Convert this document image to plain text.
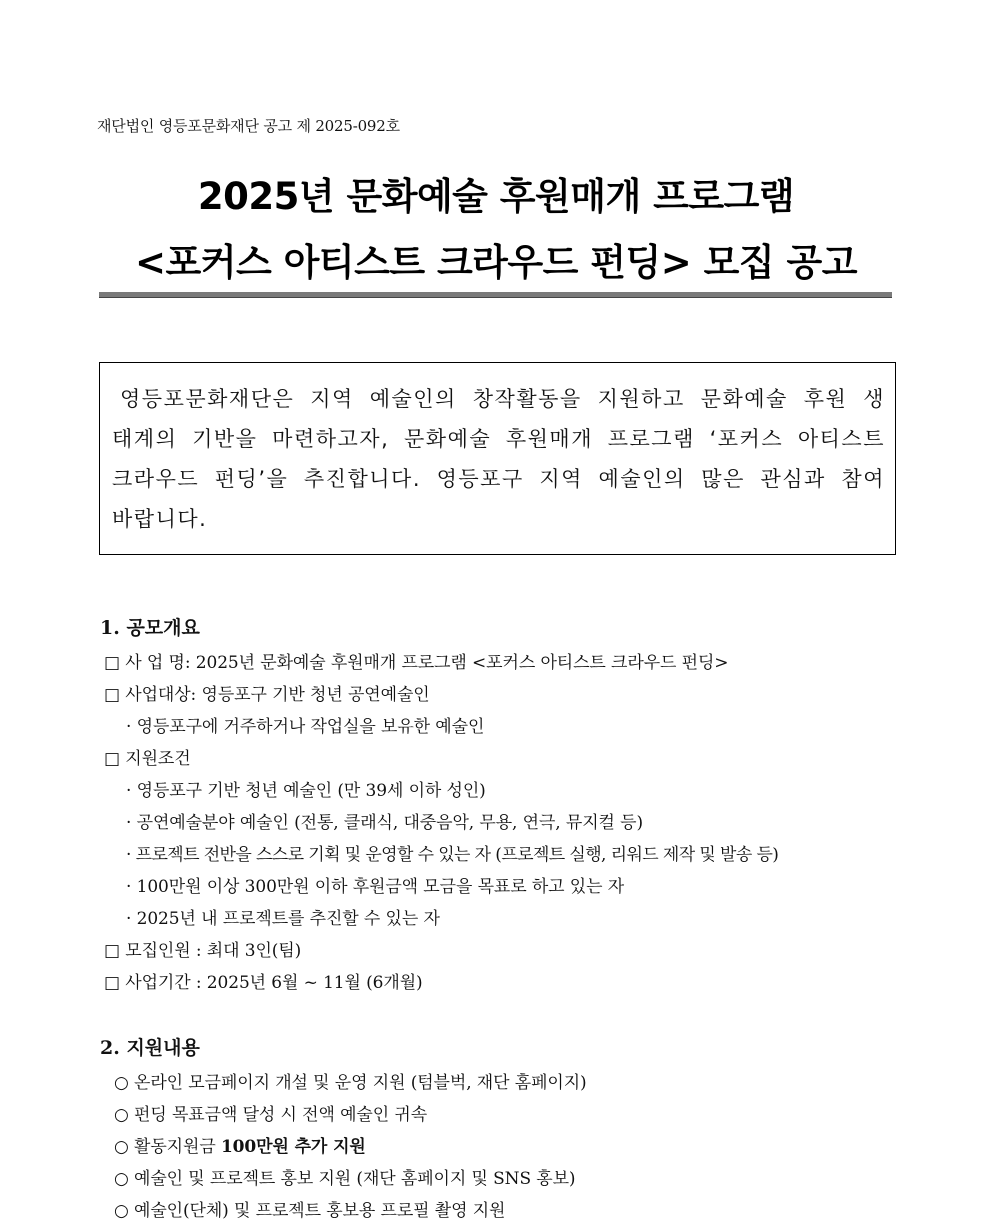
재단법인 영등포문화재단 공고 제 2025-092호
2025년 문화예술 후원매개 프로그램
<포커스 아티스트 크라우드 펀딩> 모집 공고
영등포문화재단은 지역 예술인의 창작활동을 지원하고 문화예술 후원 생태계의 기반을 마련하고자, 문화예술 후원매개 프로그램 ‘포커스 아티스트 크라우드 펀딩’을 추진합니다. 영등포구 지역 예술인의 많은 관심과 참여 바랍니다.
1. 공모개요
□ 사 업 명: 2025년 문화예술 후원매개 프로그램 <포커스 아티스트 크라우드 펀딩>
□ 사업대상: 영등포구 기반 청년 공연예술인
· 영등포구에 거주하거나 작업실을 보유한 예술인
□ 지원조건
· 영등포구 기반 청년 예술인 (만 39세 이하 성인)
· 공연예술분야 예술인 (전통, 클래식, 대중음악, 무용, 연극, 뮤지컬 등)
· 프로젝트 전반을 스스로 기획 및 운영할 수 있는 자 (프로젝트 실행, 리워드 제작 및 발송 등)
· 100만원 이상 300만원 이하 후원금액 모금을 목표로 하고 있는 자
· 2025년 내 프로젝트를 추진할 수 있는 자
□ 모집인원 : 최대 3인(팀)
□ 사업기간 : 2025년 6월 ~ 11월 (6개월)
2. 지원내용
○ 온라인 모금페이지 개설 및 운영 지원 (텀블벅, 재단 홈페이지)
○ 펀딩 목표금액 달성 시 전액 예술인 귀속
○ 활동지원금 100만원 추가 지원
○ 예술인 및 프로젝트 홍보 지원 (재단 홈페이지 및 SNS 홍보)
○ 예술인(단체) 및 프로젝트 홍보용 프로필 촬영 지원
